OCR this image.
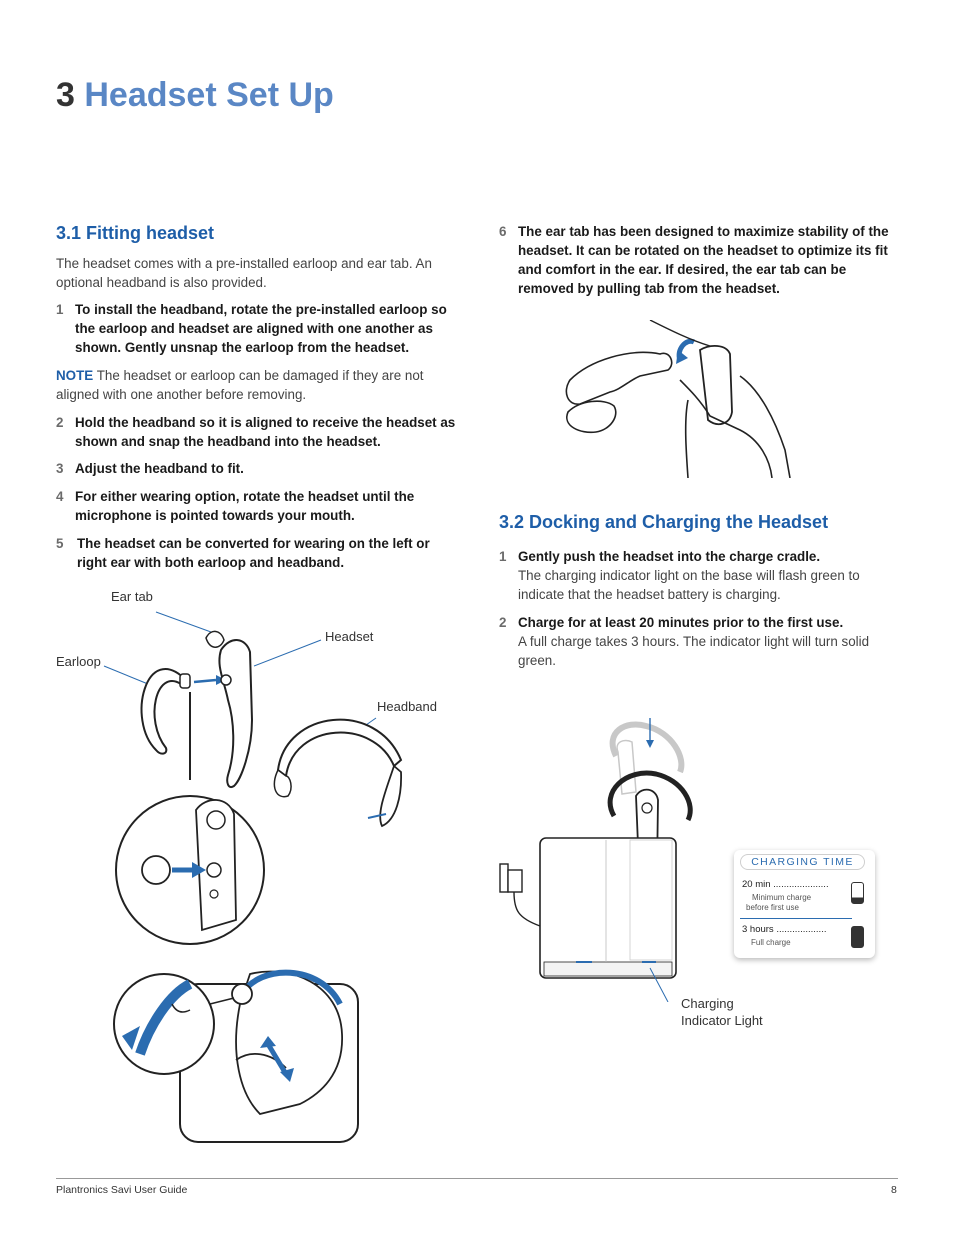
3 Headset Set Up
3.1 Fitting headset
The headset comes with a pre-installed earloop and ear tab. An optional headband is also provided.
1 To install the headband, rotate the pre-installed earloop so the earloop and headset are aligned with one another as shown. Gently unsnap the earloop from the headset.
NOTE The headset or earloop can be damaged if they are not aligned with one another before removing.
2 Hold the headband so it is aligned to receive the headset as shown and snap the headband into the headset.
3 Adjust the headband to fit.
4 For either wearing option, rotate the headset until the microphone is pointed towards your mouth.
5	The headset can be converted for wearing on the left or right ear with both earloop and headband.
Ear tab
Headset
Earloop
Headband
6 The ear tab has been designed to maximize stability of the headset. It can be rotated on the headset to optimize its fit and comfort in the ear. If desired, the ear tab can be removed by pulling tab from the headset.
3.2 Docking and Charging the Headset
1 Gently push the headset into the charge cradle.
The charging indicator light on the base will flash green to indicate that the headset battery is charging.
2 Charge for at least 20 minutes prior to the first use.
A full charge takes 3 hours. The indicator light will turn solid green.
Charging
Indicator Light
CHARGING TIME
20 min .....................
Minimum charge
before first use
3 hours ...................
Full charge
Plantronics Savi User Guide	8
